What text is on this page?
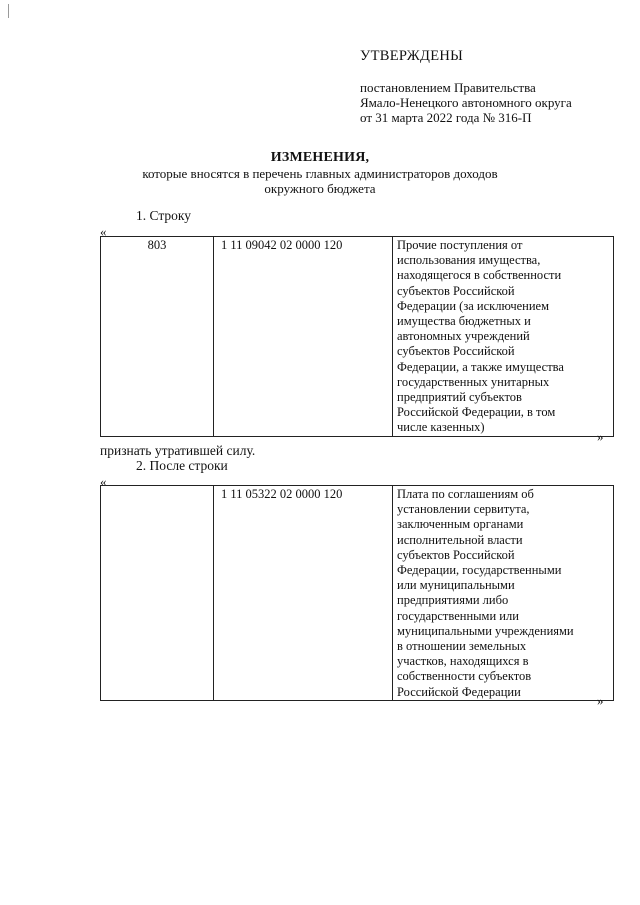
УТВЕРЖДЕНЫ
постановлением Правительства
Ямало-Ненецкого автономного округа
от 31 марта 2022 года № 316-П
ИЗМЕНЕНИЯ,
которые вносятся в перечень главных администраторов доходов
окружного бюджета
1. Строку
«
803	1 11 09042 02 0000 120	Прочие поступления от
использования имущества,
находящегося в собственности
субъектов Российской
Федерации (за исключением
имущества бюджетных и
автономных учреждений
субъектов Российской
Федерации, а также имущества
государственных унитарных
предприятий субъектов
Российской Федерации, в том
числе казенных)
»
признать утратившей силу.
2. После строки
«
	1 11 05322 02 0000 120	Плата по соглашениям об
установлении сервитута,
заключенным органами
исполнительной власти
субъектов Российской
Федерации, государственными
или муниципальными
предприятиями либо
государственными или
муниципальными учреждениями
в отношении земельных
участков, находящихся в
собственности субъектов
Российской Федерации
»
